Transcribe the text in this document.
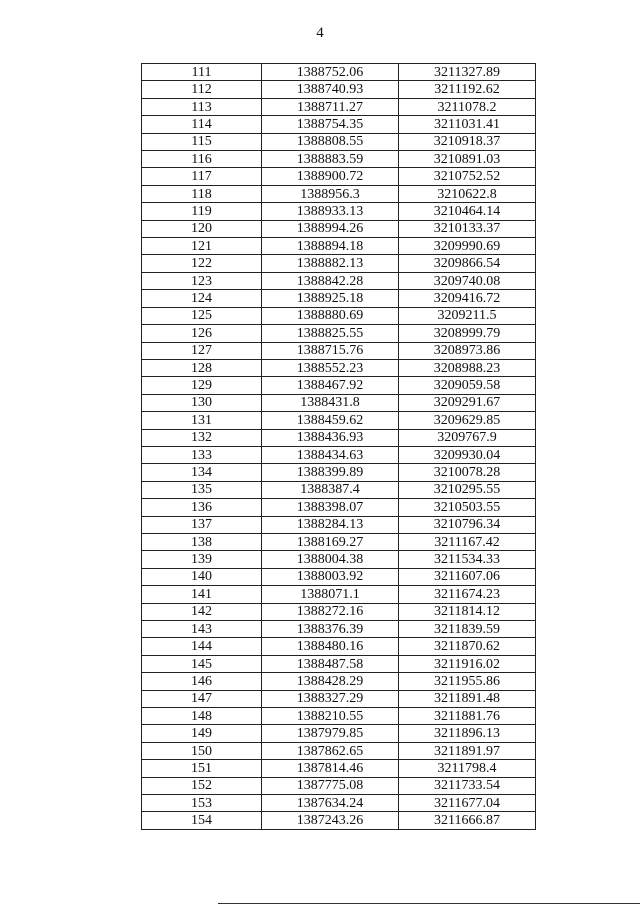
4
111	1388752.06	3211327.89
112	1388740.93	3211192.62
113	1388711.27	3211078.2
114	1388754.35	3211031.41
115	1388808.55	3210918.37
116	1388883.59	3210891.03
117	1388900.72	3210752.52
118	1388956.3	3210622.8
119	1388933.13	3210464.14
120	1388994.26	3210133.37
121	1388894.18	3209990.69
122	1388882.13	3209866.54
123	1388842.28	3209740.08
124	1388925.18	3209416.72
125	1388880.69	3209211.5
126	1388825.55	3208999.79
127	1388715.76	3208973.86
128	1388552.23	3208988.23
129	1388467.92	3209059.58
130	1388431.8	3209291.67
131	1388459.62	3209629.85
132	1388436.93	3209767.9
133	1388434.63	3209930.04
134	1388399.89	3210078.28
135	1388387.4	3210295.55
136	1388398.07	3210503.55
137	1388284.13	3210796.34
138	1388169.27	3211167.42
139	1388004.38	3211534.33
140	1388003.92	3211607.06
141	1388071.1	3211674.23
142	1388272.16	3211814.12
143	1388376.39	3211839.59
144	1388480.16	3211870.62
145	1388487.58	3211916.02
146	1388428.29	3211955.86
147	1388327.29	3211891.48
148	1388210.55	3211881.76
149	1387979.85	3211896.13
150	1387862.65	3211891.97
151	1387814.46	3211798.4
152	1387775.08	3211733.54
153	1387634.24	3211677.04
154	1387243.26	3211666.87
